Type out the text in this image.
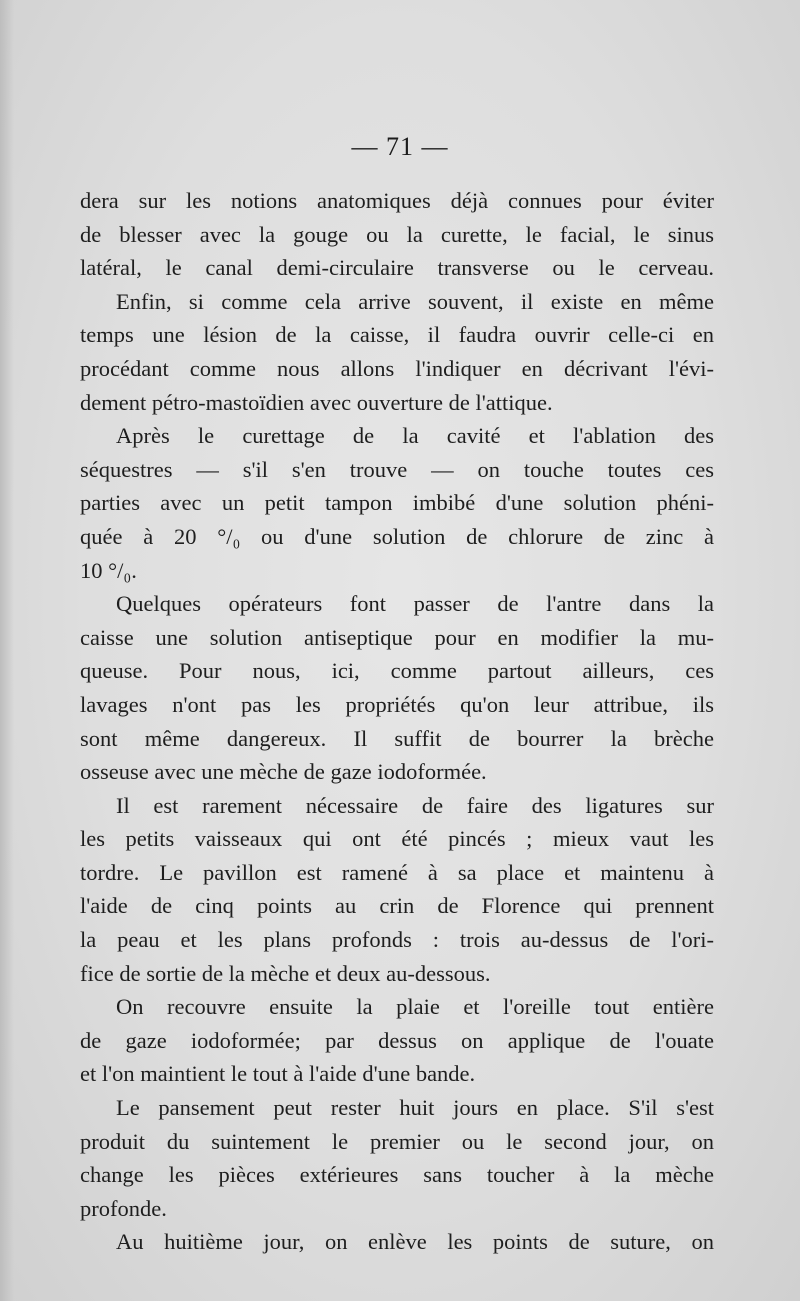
— 71 —
dera sur les notions anatomiques déjà connues pour éviter
de blesser avec la gouge ou la curette, le facial, le sinus
latéral, le canal demi-circulaire transverse ou le cerveau.
Enfin, si comme cela arrive souvent, il existe en même
temps une lésion de la caisse, il faudra ouvrir celle-ci en
procédant comme nous allons l'indiquer en décrivant l'évi-
dement pétro-mastoïdien avec ouverture de l'attique.
Après le curettage de la cavité et l'ablation des
séquestres — s'il s'en trouve — on touche toutes ces
parties avec un petit tampon imbibé d'une solution phéni-
quée à 20 °/₀ ou d'une solution de chlorure de zinc à
10 °/₀.
Quelques opérateurs font passer de l'antre dans la
caisse une solution antiseptique pour en modifier la mu-
queuse. Pour nous, ici, comme partout ailleurs, ces
lavages n'ont pas les propriétés qu'on leur attribue, ils
sont même dangereux. Il suffit de bourrer la brèche
osseuse avec une mèche de gaze iodoformée.
Il est rarement nécessaire de faire des ligatures sur
les petits vaisseaux qui ont été pincés ; mieux vaut les
tordre. Le pavillon est ramené à sa place et maintenu à
l'aide de cinq points au crin de Florence qui prennent
la peau et les plans profonds : trois au-dessus de l'ori-
fice de sortie de la mèche et deux au-dessous.
On recouvre ensuite la plaie et l'oreille tout entière
de gaze iodoformée; par dessus on applique de l'ouate
et l'on maintient le tout à l'aide d'une bande.
Le pansement peut rester huit jours en place. S'il s'est
produit du suintement le premier ou le second jour, on
change les pièces extérieures sans toucher à la mèche
profonde.
Au huitième jour, on enlève les points de suture, on
